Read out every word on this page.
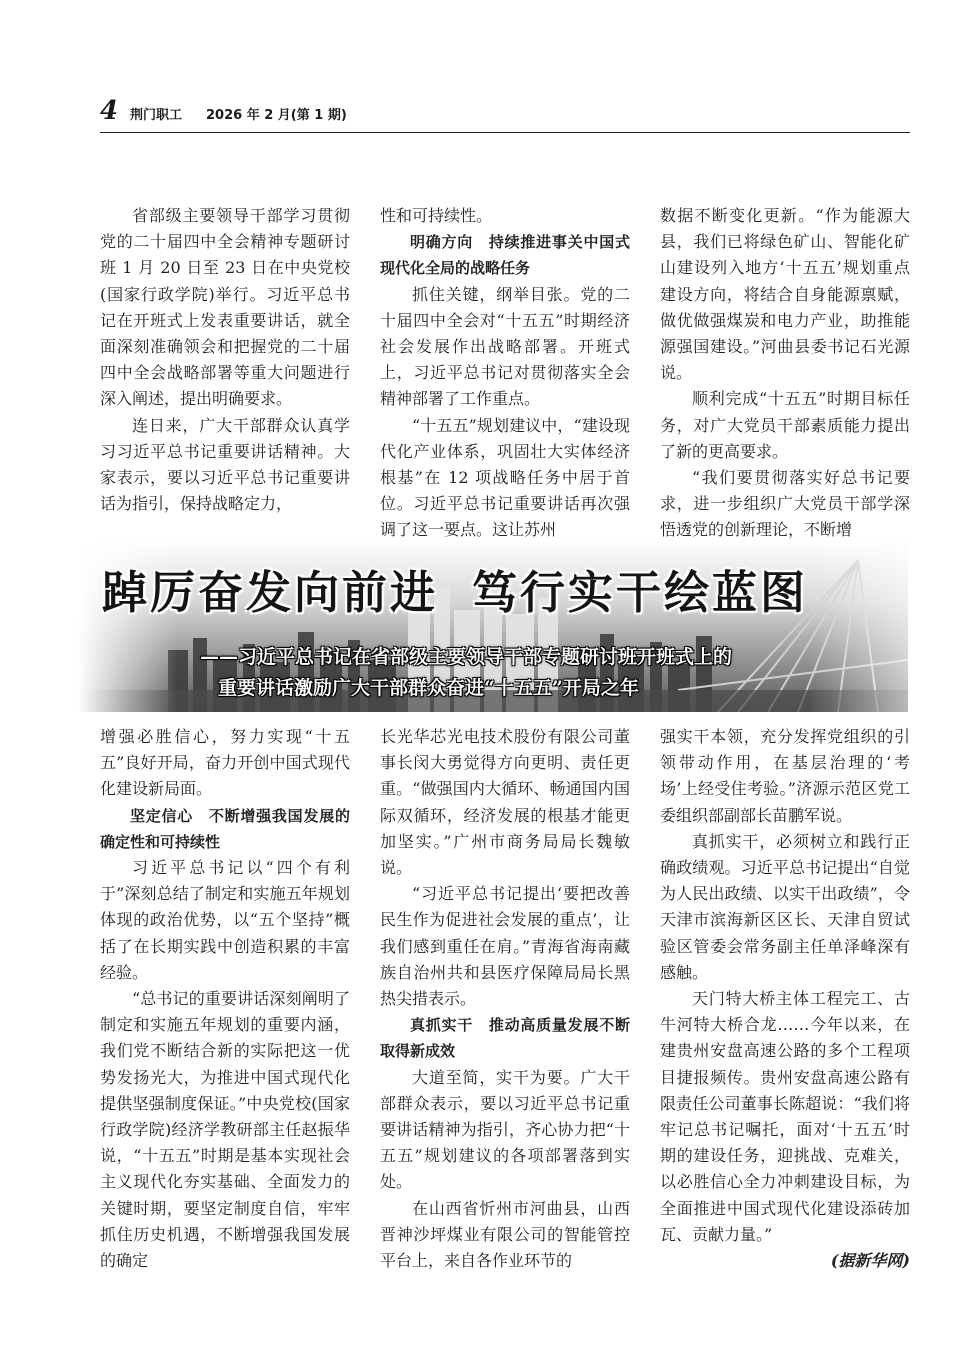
4 荆门职工 2026 年 2 月(第 1 期)

省部级主要领导干部学习贯彻党的二十届四中全会精神专题研讨班 1 月 20 日至 23 日在中央党校(国家行政学院)举行。习近平总书记在开班式上发表重要讲话，就全面深刻准确领会和把握党的二十届四中全会战略部署等重大问题进行深入阐述，提出明确要求。

连日来，广大干部群众认真学习习近平总书记重要讲话精神。大家表示，要以习近平总书记重要讲话为指引，保持战略定力，

性和可持续性。

明确方向　持续推进事关中国式现代化全局的战略任务

抓住关键，纲举目张。党的二十届四中全会对“十五五”时期经济社会发展作出战略部署。开班式上，习近平总书记对贯彻落实全会精神部署了工作重点。

“十五五”规划建议中，“建设现代化产业体系，巩固壮大实体经济根基”在 12 项战略任务中居于首位。习近平总书记重要讲话再次强调了这一要点。这让苏州

数据不断变化更新。“作为能源大县，我们已将绿色矿山、智能化矿山建设列入地方‘十五五’规划重点建设方向，将结合自身能源禀赋，做优做强煤炭和电力产业，助推能源强国建设。”河曲县委书记石光源说。

顺利完成“十五五”时期目标任务，对广大党员干部素质能力提出了新的更高要求。

“我们要贯彻落实好总书记要求，进一步组织广大党员干部学深悟透党的创新理论，不断增

踔厉奋发向前进 笃行实干绘蓝图
——习近平总书记在省部级主要领导干部专题研讨班开班式上的
重要讲话激励广大干部群众奋进“十五五”开局之年

增强必胜信心，努力实现“十五五”良好开局，奋力开创中国式现代化建设新局面。

坚定信心　不断增强我国发展的确定性和可持续性

习近平总书记以“四个有利于”深刻总结了制定和实施五年规划体现的政治优势，以“五个坚持”概括了在长期实践中创造积累的丰富经验。

“总书记的重要讲话深刻阐明了制定和实施五年规划的重要内涵，我们党不断结合新的实际把这一优势发扬光大，为推进中国式现代化提供坚强制度保证。”中央党校(国家行政学院)经济学教研部主任赵振华说，“十五五”时期是基本实现社会主义现代化夯实基础、全面发力的关键时期，要坚定制度自信，牢牢抓住历史机遇，不断增强我国发展的确定

长光华芯光电技术股份有限公司董事长闵大勇觉得方向更明、责任更重。“做强国内大循环、畅通国内国际双循环，经济发展的根基才能更加坚实。”广州市商务局局长魏敏说。

“习近平总书记提出‘要把改善民生作为促进社会发展的重点’，让我们感到重任在肩。”青海省海南藏族自治州共和县医疗保障局局长黑热尖措表示。

真抓实干　推动高质量发展不断取得新成效

大道至简，实干为要。广大干部群众表示，要以习近平总书记重要讲话精神为指引，齐心协力把“十五五”规划建议的各项部署落到实处。

在山西省忻州市河曲县，山西晋神沙坪煤业有限公司的智能管控平台上，来自各作业环节的

强实干本领，充分发挥党组织的引领带动作用，在基层治理的‘考场’上经受住考验。”济源示范区党工委组织部副部长苗鹏军说。

真抓实干，必须树立和践行正确政绩观。习近平总书记提出“自觉为人民出政绩、以实干出政绩”，令天津市滨海新区区长、天津自贸试验区管委会常务副主任单泽峰深有感触。

天门特大桥主体工程完工、古牛河特大桥合龙……今年以来，在建贵州安盘高速公路的多个工程项目捷报频传。贵州安盘高速公路有限责任公司董事长陈超说：“我们将牢记总书记嘱托，面对‘十五五’时期的建设任务，迎挑战、克难关，以必胜信心全力冲刺建设目标，为全面推进中国式现代化建设添砖加瓦、贡献力量。”

(据新华网)
